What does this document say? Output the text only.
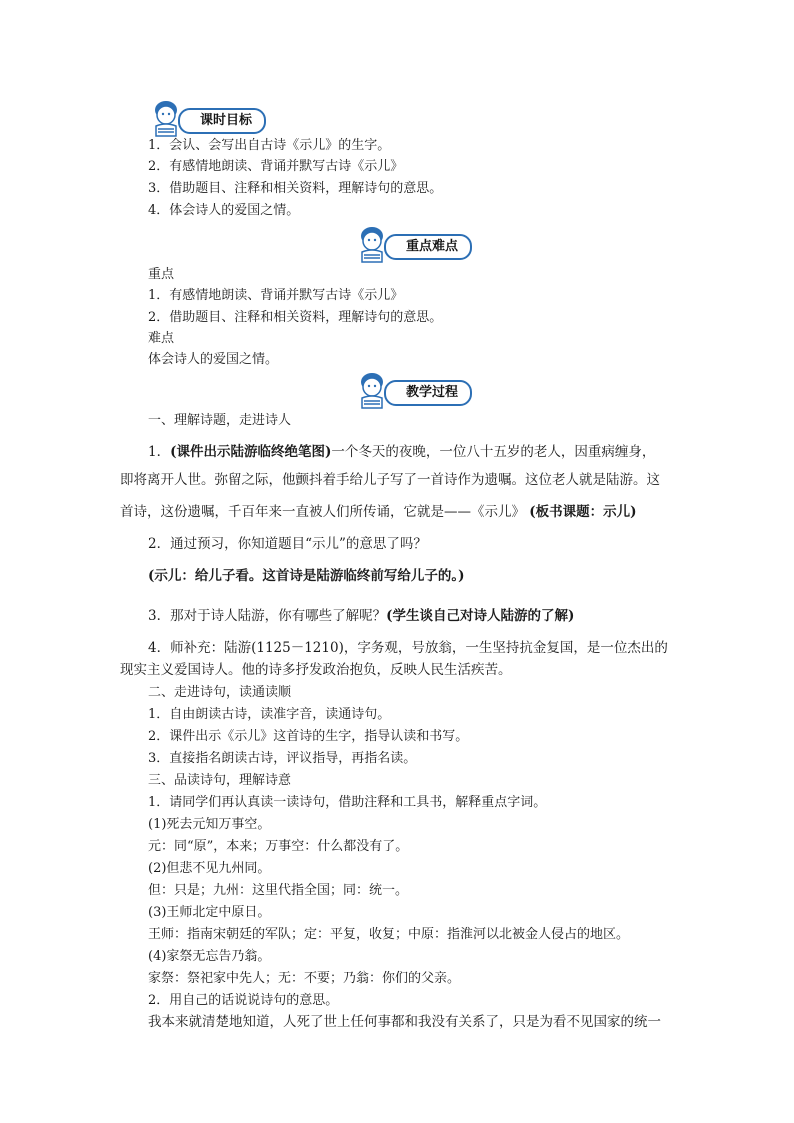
课时目标
1．会认、会写出自古诗《示儿》的生字。
2．有感情地朗读、背诵并默写古诗《示儿》
3．借助题目、注释和相关资料，理解诗句的意思。
4．体会诗人的爱国之情。
重点难点
重点
1．有感情地朗读、背诵并默写古诗《示儿》
2．借助题目、注释和相关资料，理解诗句的意思。
难点
体会诗人的爱国之情。
教学过程
一、理解诗题，走进诗人
1．(课件出示陆游临终绝笔图)一个冬天的夜晚，一位八十五岁的老人，因重病缠身，
即将离开人世。弥留之际，他颤抖着手给儿子写了一首诗作为遗嘱。这位老人就是陆游。这
首诗，这份遗嘱，千百年来一直被人们所传诵，它就是——《示儿》 (板书课题：示儿)
2．通过预习，你知道题目“示儿”的意思了吗？
(示儿：给儿子看。这首诗是陆游临终前写给儿子的。)
3．那对于诗人陆游，你有哪些了解呢？(学生谈自己对诗人陆游的了解)
4．师补充：陆游(1125－1210)，字务观，号放翁，一生坚持抗金复国，是一位杰出的
现实主义爱国诗人。他的诗多抒发政治抱负，反映人民生活疾苦。
二、走进诗句，读通读顺
1．自由朗读古诗，读准字音，读通诗句。
2．课件出示《示儿》这首诗的生字，指导认读和书写。
3．直接指名朗读古诗，评议指导，再指名读。
三、品读诗句，理解诗意
1．请同学们再认真读一读诗句，借助注释和工具书，解释重点字词。
(1)死去元知万事空。
元：同“原”，本来；万事空：什么都没有了。
(2)但悲不见九州同。
但：只是；九州：这里代指全国；同：统一。
(3)王师北定中原日。
王师：指南宋朝廷的军队；定：平复，收复；中原：指淮河以北被金人侵占的地区。
(4)家祭无忘告乃翁。
家祭：祭祀家中先人；无：不要；乃翁：你们的父亲。
2．用自己的话说说诗句的意思。
我本来就清楚地知道，人死了世上任何事都和我没有关系了，只是为看不见国家的统一
